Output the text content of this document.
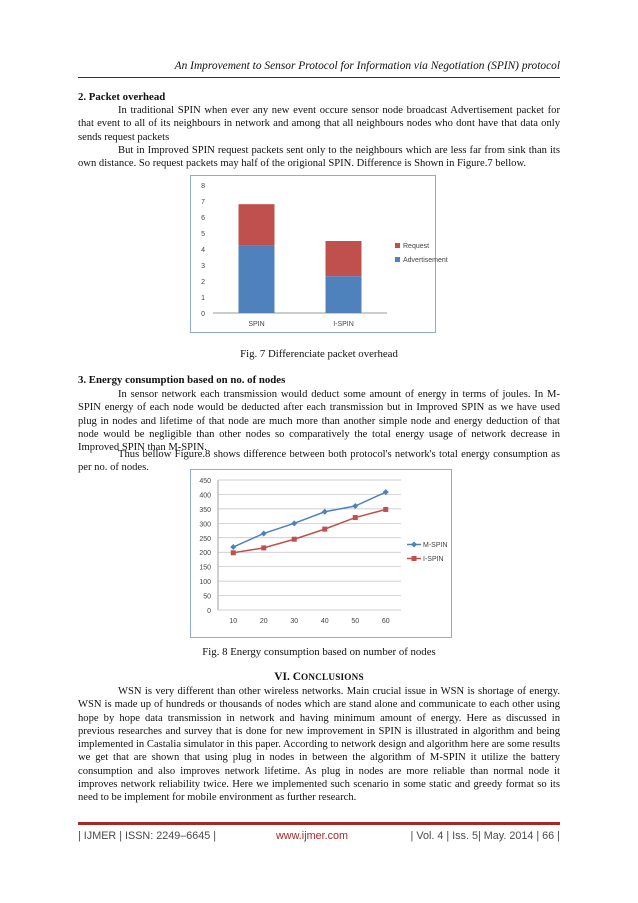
An Improvement to Sensor Protocol for Information via Negotiation (SPIN) protocol
2. Packet overhead
In traditional SPIN when ever any new event occure sensor node broadcast Advertisement packet for that event to all of its neighbours in network and among that all neighbours nodes who dont have that data only sends request packets
But in Improved SPIN request packets sent only to the neighbours which are less far from sink than its own distance. So request packets may half of the origional SPIN. Difference is Shown in Figure.7 bellow.
0
1
2
3
4
5
6
7
8
SPIN	I-SPIN
Request
Advertisement
Fig. 7 Differenciate packet overhead
3. Energy consumption based on no. of nodes
In sensor network each transmission would deduct some amount of energy in terms of joules. In M-SPIN energy of each node would be deducted after each transmission but in Improved SPIN as we have used plug in nodes and lifetime of that node are much more than another simple node and energy deduction of that node would be negligible than other nodes so comparatively the total energy usage of network decrease in Improved SPIN than M-SPIN.
Thus bellow Figure.8 shows difference between both protocol's network's total energy consumption as per no. of nodes.
0
50
100
150
200
250
300
350
400
450
10	20	30	40	50	60
M-SPIN
I-SPIN
Fig. 8 Energy consumption based on number of nodes
VI. CONCLUSIONS
WSN is very different than other wireless networks. Main crucial issue in WSN is shortage of energy. WSN is made up of hundreds or thousands of nodes which are stand alone and communicate to each other using hope by hope data transmission in network and having minimum amount of energy. Here as discussed in previous researches and survey that is done for new improvement in SPIN is illustrated in algorithm and being implemented in Castalia simulator in this paper. According to network design and algorithm here are some results we get that are shown that using plug in nodes in between the algorithm of M-SPIN it utilize the battery consumption and also improves network lifetime. As plug in nodes are more reliable than normal node it improves network reliability twice. Here we implemented such scenario in some static and greedy format so its need to be implement for mobile environment as further research.
| IJMER | ISSN: 2249–6645 |	www.ijmer.com	| Vol. 4 | Iss. 5| May. 2014 | 66 |
